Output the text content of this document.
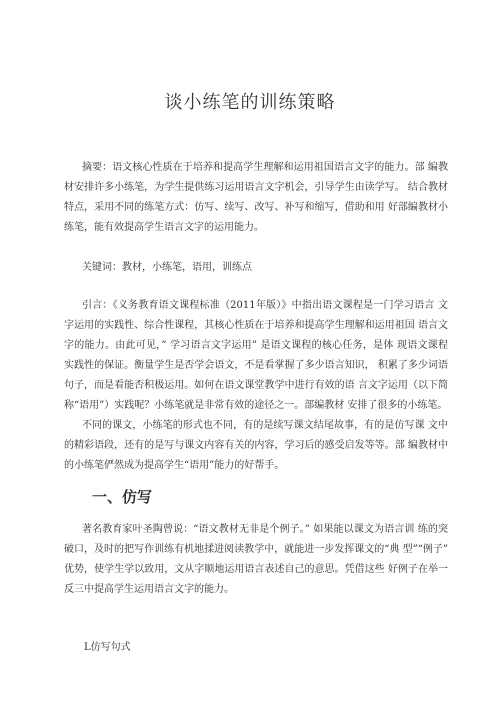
谈小练笔的训练策略

摘要：语文核心性质在于培养和提高学生理解和运用祖国语言文字的能力。部 编教材安排许多小练笔，为学生提供练习运用语言文字机会，引导学生由读学写。 结合教材特点，采用不同的练笔方式：仿写、续写、改写、补写和缩写，借助和用 好部编教材小练笔，能有效提高学生语言文字的运用能力。

关键词：教材，小练笔，语用，训练点

引言：《义务教育语文课程标准（2011年版）》中指出语文课程是一门学习语言 文字运用的实践性、综合性课程，其核心性质在于培养和提高学生理解和运用祖国 语言文字的能力。由此可见，” 学习语言文字运用” 是语文课程的核心任务，是体 现语文课程实践性的保证。衡量学生是否学会语文，不是看掌握了多少语言知识， 积累了多少词语句子，而是看能否积极运用。如何在语文课堂教学中进行有效的语 言文字运用（以下简称“语用”）实践呢？小练笔就是非常有效的途径之一。部编教材 安排了很多的小练笔。

不同的课文，小练笔的形式也不同，有的是续写课文结尾故事，有的是仿写课 文中的精彩语段，还有的是写与课文内容有关的内容，学习后的感受启发等等。部 编教材中的小练笔俨然成为提高学生“语用”能力的好帮手。

一、仿写

著名教育家叶圣陶曾说：“语文教材无非是个例子。” 如果能以课文为语言训 练的突破口，及时的把写作训练有机地揉进阅读教学中，就能进一步发挥课文的“典 型”“例子” 优势，使学生学以致用，文从字顺地运用语言表述自己的意思。凭借这些 好例子在举一反三中提高学生运用语言文字的能力。

L仿写句式
